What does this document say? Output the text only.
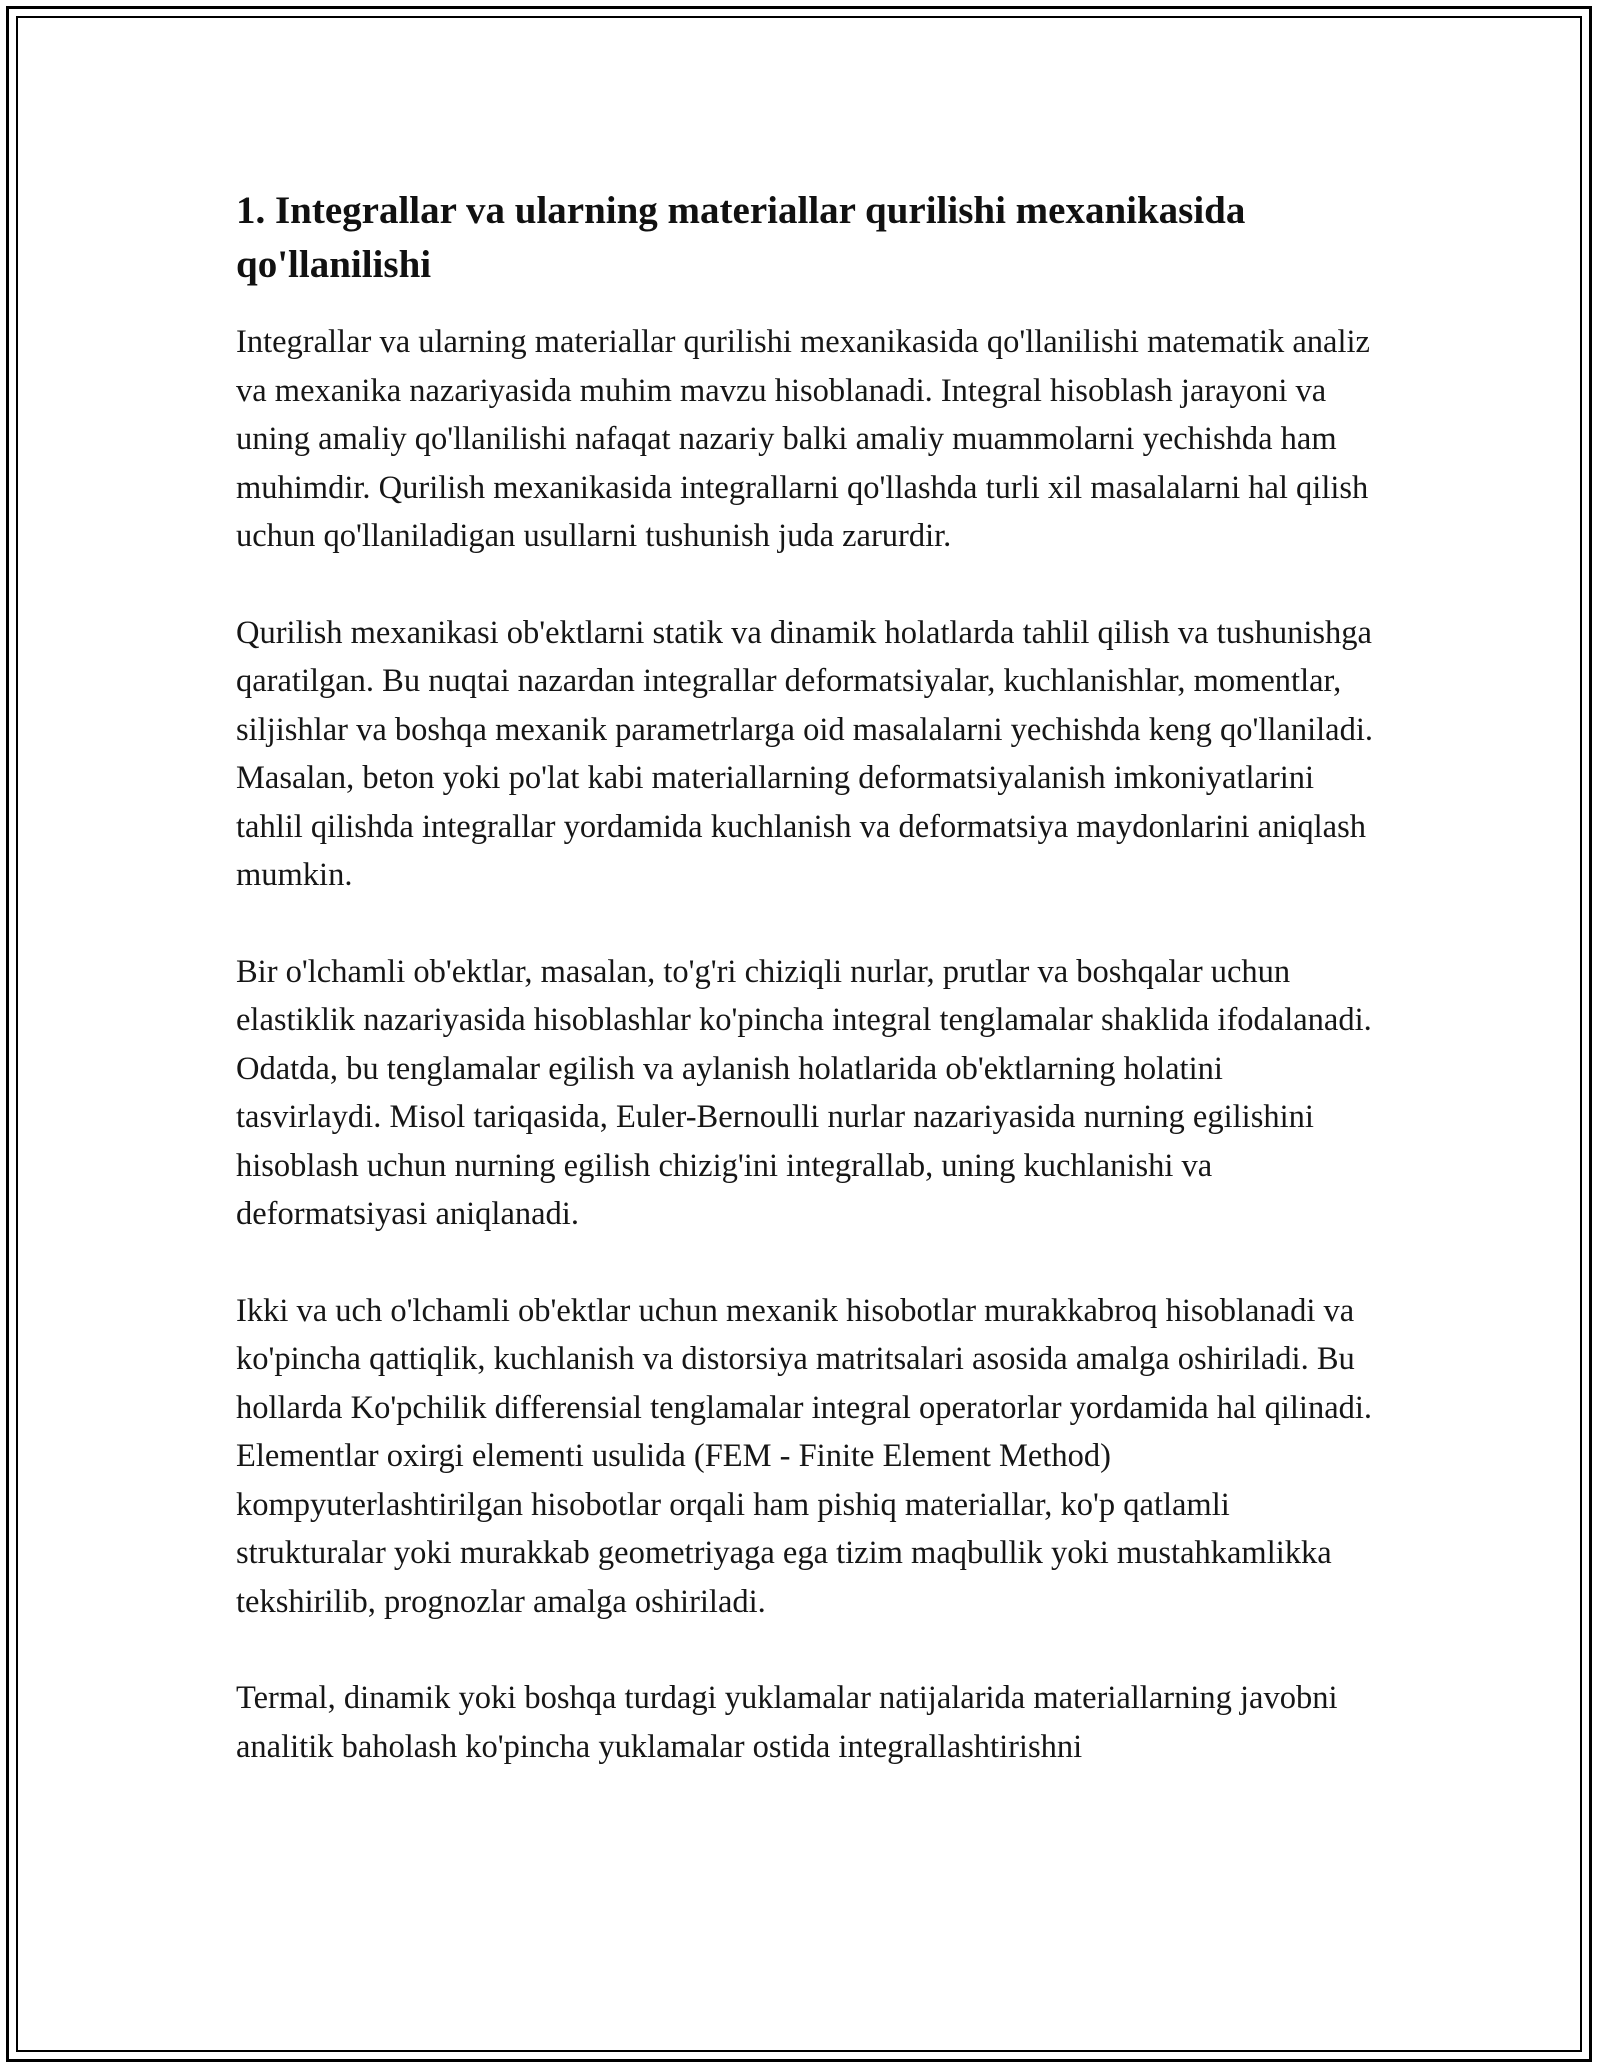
1. Integrallar va ularning materiallar qurilishi mexanikasida qo'llanilishi

Integrallar va ularning materiallar qurilishi mexanikasida qo'llanilishi matematik analiz va mexanika nazariyasida muhim mavzu hisoblanadi. Integral hisoblash jarayoni va uning amaliy qo'llanilishi nafaqat nazariy balki amaliy muammolarni yechishda ham muhimdir. Qurilish mexanikasida integrallarni qo'llashda turli xil masalalarni hal qilish uchun qo'llaniladigan usullarni tushunish juda zarurdir.

Qurilish mexanikasi ob'ektlarni statik va dinamik holatlarda tahlil qilish va tushunishga qaratilgan. Bu nuqtai nazardan integrallar deformatsiyalar, kuchlanishlar, momentlar, siljishlar va boshqa mexanik parametrlarga oid masalalarni yechishda keng qo'llaniladi. Masalan, beton yoki po'lat kabi materiallarning deformatsiyalanish imkoniyatlarini tahlil qilishda integrallar yordamida kuchlanish va deformatsiya maydonlarini aniqlash mumkin.

Bir o'lchamli ob'ektlar, masalan, to'g'ri chiziqli nurlar, prutlar va boshqalar uchun elastiklik nazariyasida hisoblashlar ko'pincha integral tenglamalar shaklida ifodalanadi. Odatda, bu tenglamalar egilish va aylanish holatlarida ob'ektlarning holatini tasvirlaydi. Misol tariqasida, Euler-Bernoulli nurlar nazariyasida nurning egilishini hisoblash uchun nurning egilish chizig'ini integrallab, uning kuchlanishi va deformatsiyasi aniqlanadi.

Ikki va uch o'lchamli ob'ektlar uchun mexanik hisobotlar murakkabroq hisoblanadi va ko'pincha qattiqlik, kuchlanish va distorsiya matritsalari asosida amalga oshiriladi. Bu hollarda Ko'pchilik differensial tenglamalar integral operatorlar yordamida hal qilinadi. Elementlar oxirgi elementi usulida (FEM - Finite Element Method) kompyuterlashtirilgan hisobotlar orqali ham pishiq materiallar, ko'p qatlamli strukturalar yoki murakkab geometriyaga ega tizim maqbullik yoki mustahkamlikka tekshirilib, prognozlar amalga oshiriladi.

Termal, dinamik yoki boshqa turdagi yuklamalar natijalarida materiallarning javobni analitik baholash ko'pincha yuklamalar ostida integrallashtirishni
